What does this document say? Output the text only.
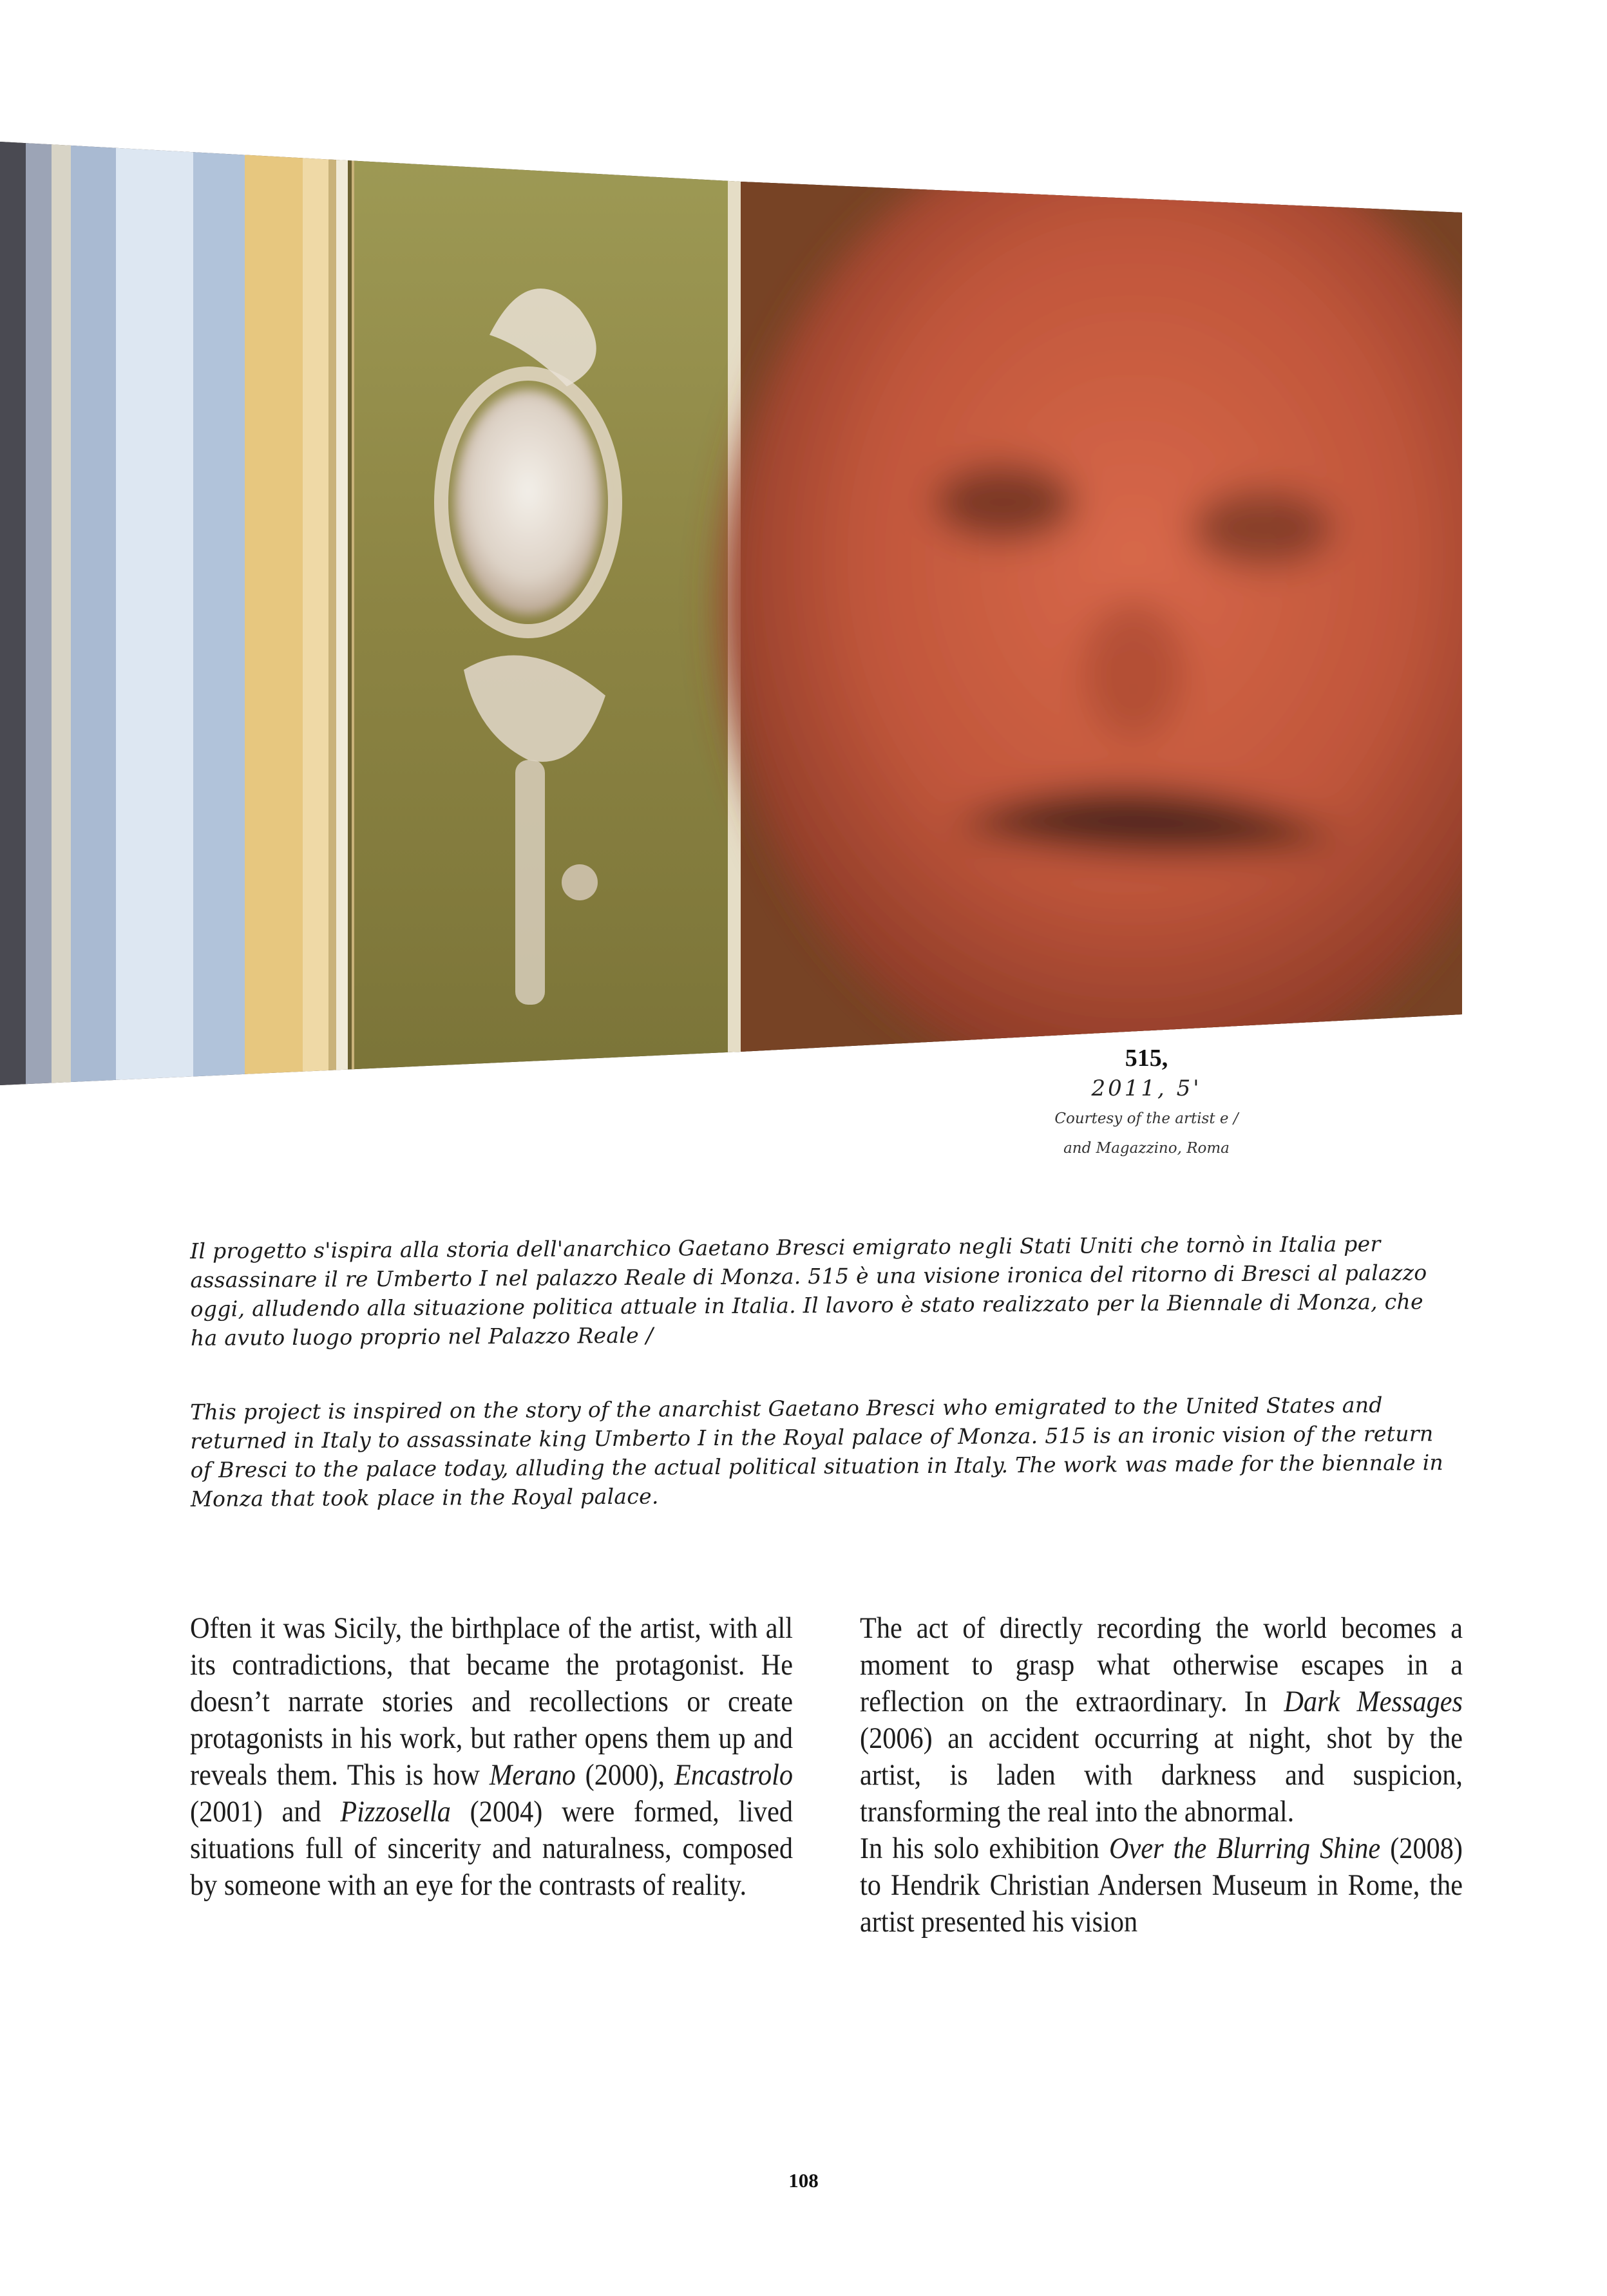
515,
2011, 5'
Courtesy of the artist e /
and Magazzino, Roma
Il progetto s'ispira alla storia dell'anarchico Gaetano Bresci emigrato negli Stati Uniti che tornò in Italia per assassinare il re Umberto I nel palazzo Reale di Monza. 515 è una visione ironica del ritorno di Bresci al palazzo oggi, alludendo alla situazione politica attuale in Italia. Il lavoro è stato realizzato per la Biennale di Monza, che ha avuto luogo proprio nel Palazzo Reale /
This project is inspired on the story of the anarchist Gaetano Bresci who emigrated to the United States and returned in Italy to assassinate king Umberto I in the Royal palace of Monza. 515 is an ironic vision of the return of Bresci to the palace today, alluding the actual political situation in Italy. The work was made for the biennale in Monza that took place in the Royal palace.

Often it was Sicily, the birthplace of the artist, with all its contradictions, that became the protagonist. He doesn’t narrate stories and recollections or create protagonists in his work, but rather opens them up and reveals them. This is how Merano (2000), Encastrolo (2001) and Pizzosella (2004) were formed, lived situations full of sincerity and naturalness, composed by someone with an eye for the contrasts of reality.

The act of directly recording the world becomes a moment to grasp what otherwise escapes in a reflection on the extraordinary. In Dark Messages (2006) an accident occurring at night, shot by the artist, is laden with darkness and suspicion, transforming the real into the abnormal.

In his solo exhibition Over the Blurring Shine (2008) to Hendrik Christian Andersen Museum in Rome, the artist presented his vision

108
